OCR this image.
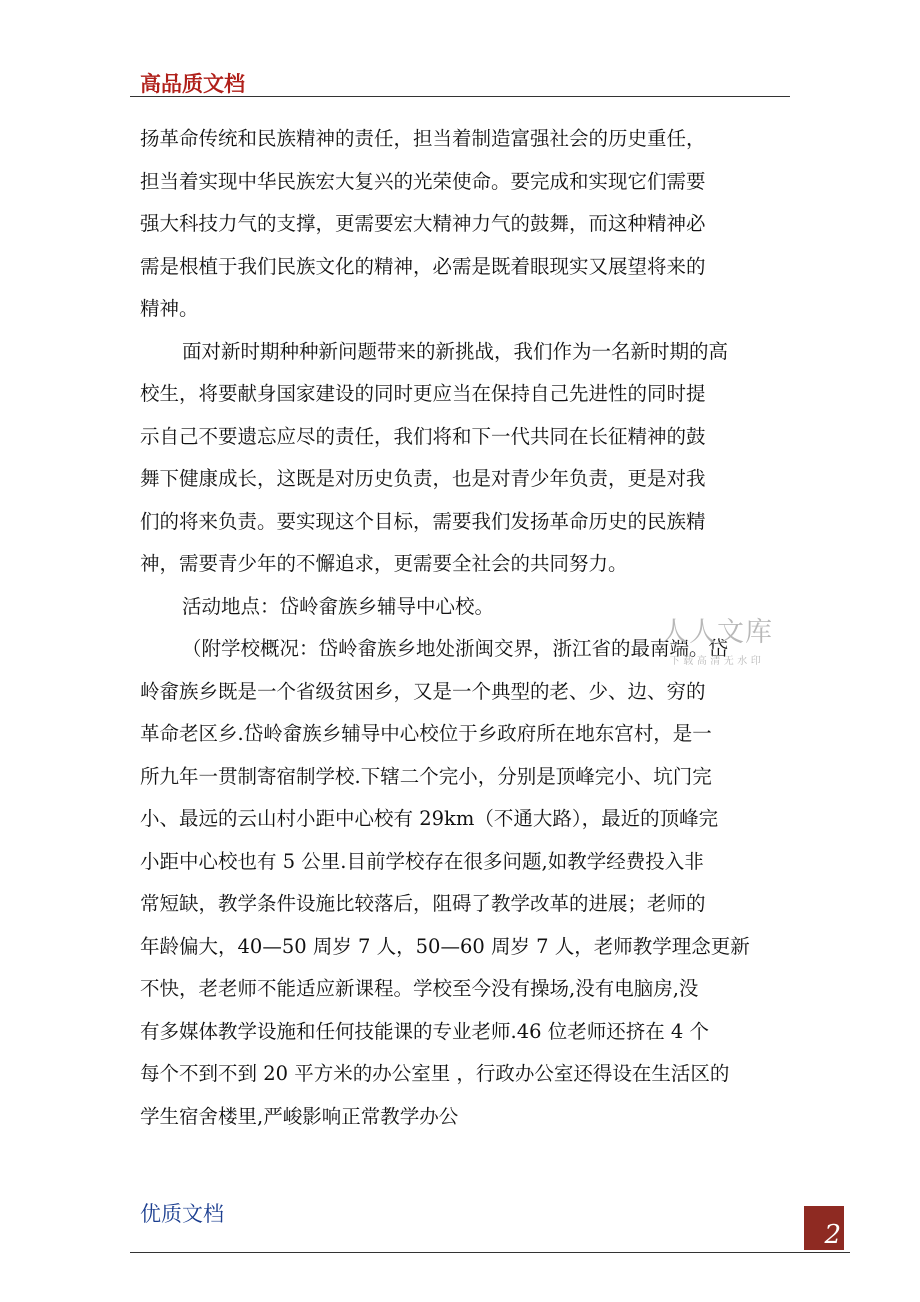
高品质文档
扬革命传统和民族精神的责任，担当着制造富强社会的历史重任，
担当着实现中华民族宏大复兴的光荣使命。要完成和实现它们需要
强大科技力气的支撑，更需要宏大精神力气的鼓舞，而这种精神必
需是根植于我们民族文化的精神，必需是既着眼现实又展望将来的
精神。
面对新时期种种新问题带来的新挑战，我们作为一名新时期的高
校生，将要献身国家建设的同时更应当在保持自己先进性的同时提
示自己不要遗忘应尽的责任，我们将和下一代共同在长征精神的鼓
舞下健康成长，这既是对历史负责，也是对青少年负责，更是对我
们的将来负责。要实现这个目标，需要我们发扬革命历史的民族精
神，需要青少年的不懈追求，更需要全社会的共同努力。
活动地点：岱岭畲族乡辅导中心校。
（附学校概况：岱岭畲族乡地处浙闽交界，浙江省的最南端。岱
岭畲族乡既是一个省级贫困乡，又是一个典型的老、少、边、穷的
革命老区乡.岱岭畲族乡辅导中心校位于乡政府所在地东宫村，是一
所九年一贯制寄宿制学校.下辖二个完小，分别是顶峰完小、坑门完
小、最远的云山村小距中心校有 29km（不通大路），最近的顶峰完
小距中心校也有 5 公里.目前学校存在很多问题,如教学经费投入非
常短缺，教学条件设施比较落后，阻碍了教学改革的进展；老师的
年龄偏大，40—50 周岁 7 人，50—60 周岁 7 人，老师教学理念更新
不快，老老师不能适应新课程。学校至今没有操场,没有电脑房,没
有多媒体教学设施和任何技能课的专业老师.46 位老师还挤在 4 个
每个不到不到 20 平方米的办公室里 ，行政办公室还得设在生活区的
学生宿舍楼里,严峻影响正常教学办公
人人文库
下载高清无水印
优质文档
2
